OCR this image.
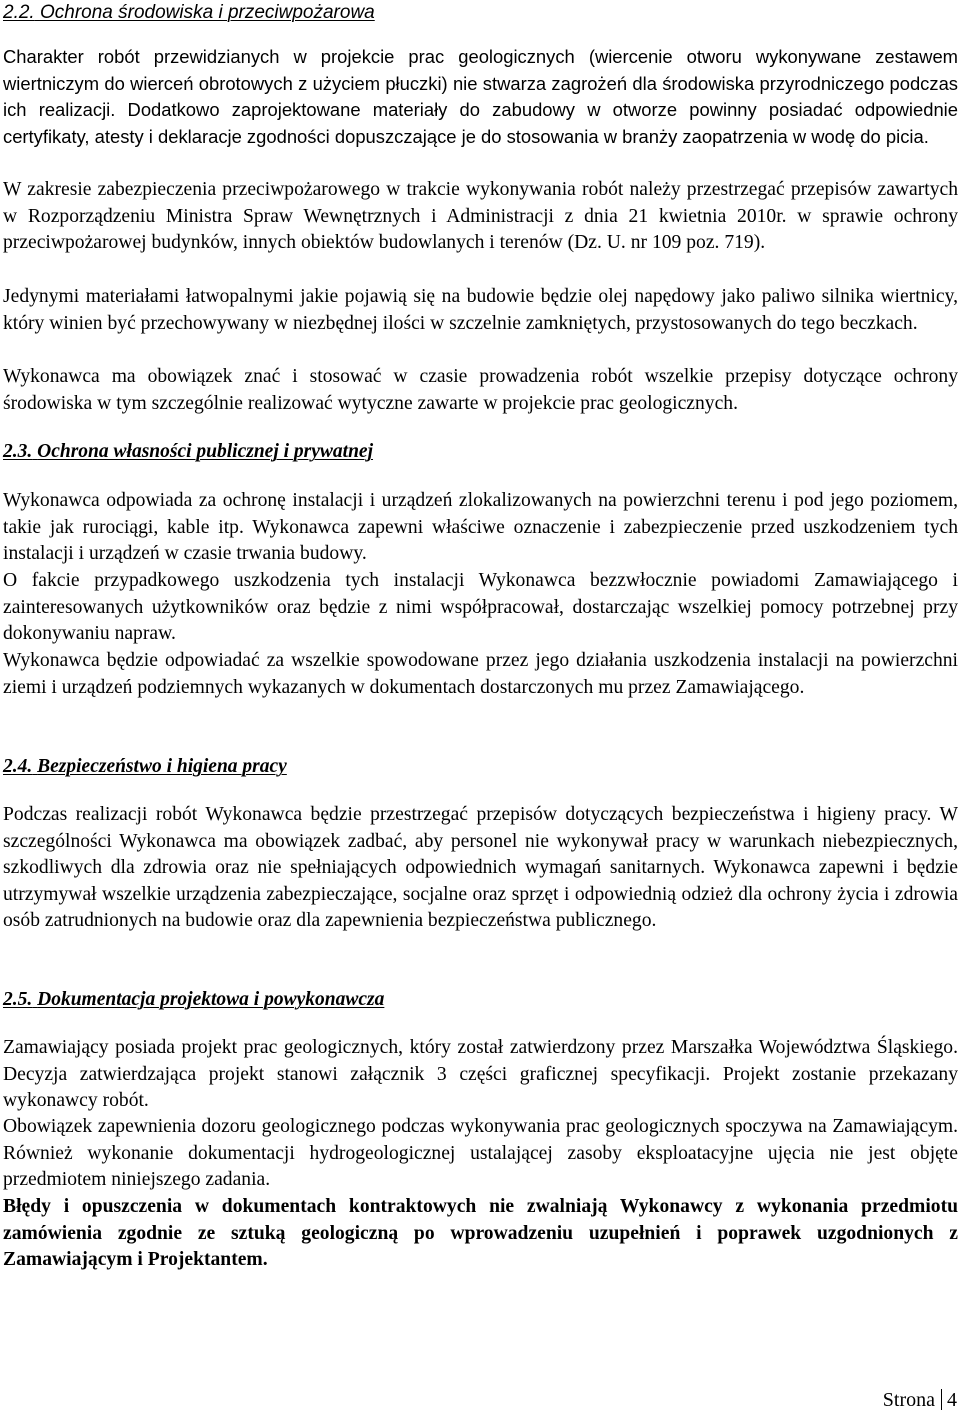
2.2. Ochrona środowiska i przeciwpożarowa

Charakter robót przewidzianych w projekcie prac geologicznych (wiercenie otworu wykonywane zestawem wiertniczym do wierceń obrotowych z użyciem płuczki) nie stwarza zagrożeń dla środowiska przyrodniczego podczas ich realizacji. Dodatkowo zaprojektowane materiały do zabudowy w otworze powinny posiadać odpowiednie certyfikaty, atesty i deklaracje zgodności dopuszczające je do stosowania w branży zaopatrzenia w wodę do picia.

W zakresie zabezpieczenia przeciwpożarowego w trakcie wykonywania robót należy przestrzegać przepisów zawartych w Rozporządzeniu Ministra Spraw Wewnętrznych i Administracji z dnia 21 kwietnia 2010r. w sprawie ochrony przeciwpożarowej budynków, innych obiektów budowlanych i terenów (Dz. U. nr 109 poz. 719).

Jedynymi materiałami łatwopalnymi jakie pojawią się na budowie będzie olej napędowy jako paliwo silnika wiertnicy, który winien być przechowywany w niezbędnej ilości w szczelnie zamkniętych, przystosowanych do tego beczkach.

Wykonawca ma obowiązek znać i stosować w czasie prowadzenia robót wszelkie przepisy dotyczące ochrony środowiska w tym szczególnie realizować wytyczne zawarte w projekcie prac geologicznych.

2.3. Ochrona własności publicznej i prywatnej

Wykonawca odpowiada za ochronę instalacji i urządzeń zlokalizowanych na powierzchni terenu i pod jego poziomem, takie jak rurociągi, kable itp. Wykonawca zapewni właściwe oznaczenie i zabezpieczenie przed uszkodzeniem tych instalacji i urządzeń w czasie trwania budowy.

O fakcie przypadkowego uszkodzenia tych instalacji Wykonawca bezzwłocznie powiadomi Zamawiającego i zainteresowanych użytkowników oraz będzie z nimi współpracował, dostarczając wszelkiej pomocy potrzebnej przy dokonywaniu napraw.

Wykonawca będzie odpowiadać za wszelkie spowodowane przez jego działania uszkodzenia instalacji na powierzchni ziemi i urządzeń podziemnych wykazanych w dokumentach dostarczonych mu przez Zamawiającego.

2.4. Bezpieczeństwo i higiena pracy

Podczas realizacji robót Wykonawca będzie przestrzegać przepisów dotyczących bezpieczeństwa i higieny pracy. W szczególności Wykonawca ma obowiązek zadbać, aby personel nie wykonywał pracy w warunkach niebezpiecznych, szkodliwych dla zdrowia oraz nie spełniających odpowiednich wymagań sanitarnych. Wykonawca zapewni i będzie utrzymywał wszelkie urządzenia zabezpieczające, socjalne oraz sprzęt i odpowiednią odzież dla ochrony życia i zdrowia osób zatrudnionych na budowie oraz dla zapewnienia bezpieczeństwa publicznego.

2.5. Dokumentacja projektowa i powykonawcza

Zamawiający posiada projekt prac geologicznych, który został zatwierdzony przez Marszałka Województwa Śląskiego. Decyzja zatwierdzająca projekt stanowi załącznik 3 części graficznej specyfikacji. Projekt zostanie przekazany wykonawcy robót.

Obowiązek zapewnienia dozoru geologicznego podczas wykonywania prac geologicznych spoczywa na Zamawiającym. Również wykonanie dokumentacji hydrogeologicznej ustalającej zasoby eksploatacyjne ujęcia nie jest objęte przedmiotem niniejszego zadania.

Błędy i opuszczenia w dokumentach kontraktowych nie zwalniają Wykonawcy z wykonania przedmiotu zamówienia zgodnie ze sztuką geologiczną po wprowadzeniu uzupełnień i poprawek uzgodnionych z Zamawiającym i Projektantem.

Strona 4
